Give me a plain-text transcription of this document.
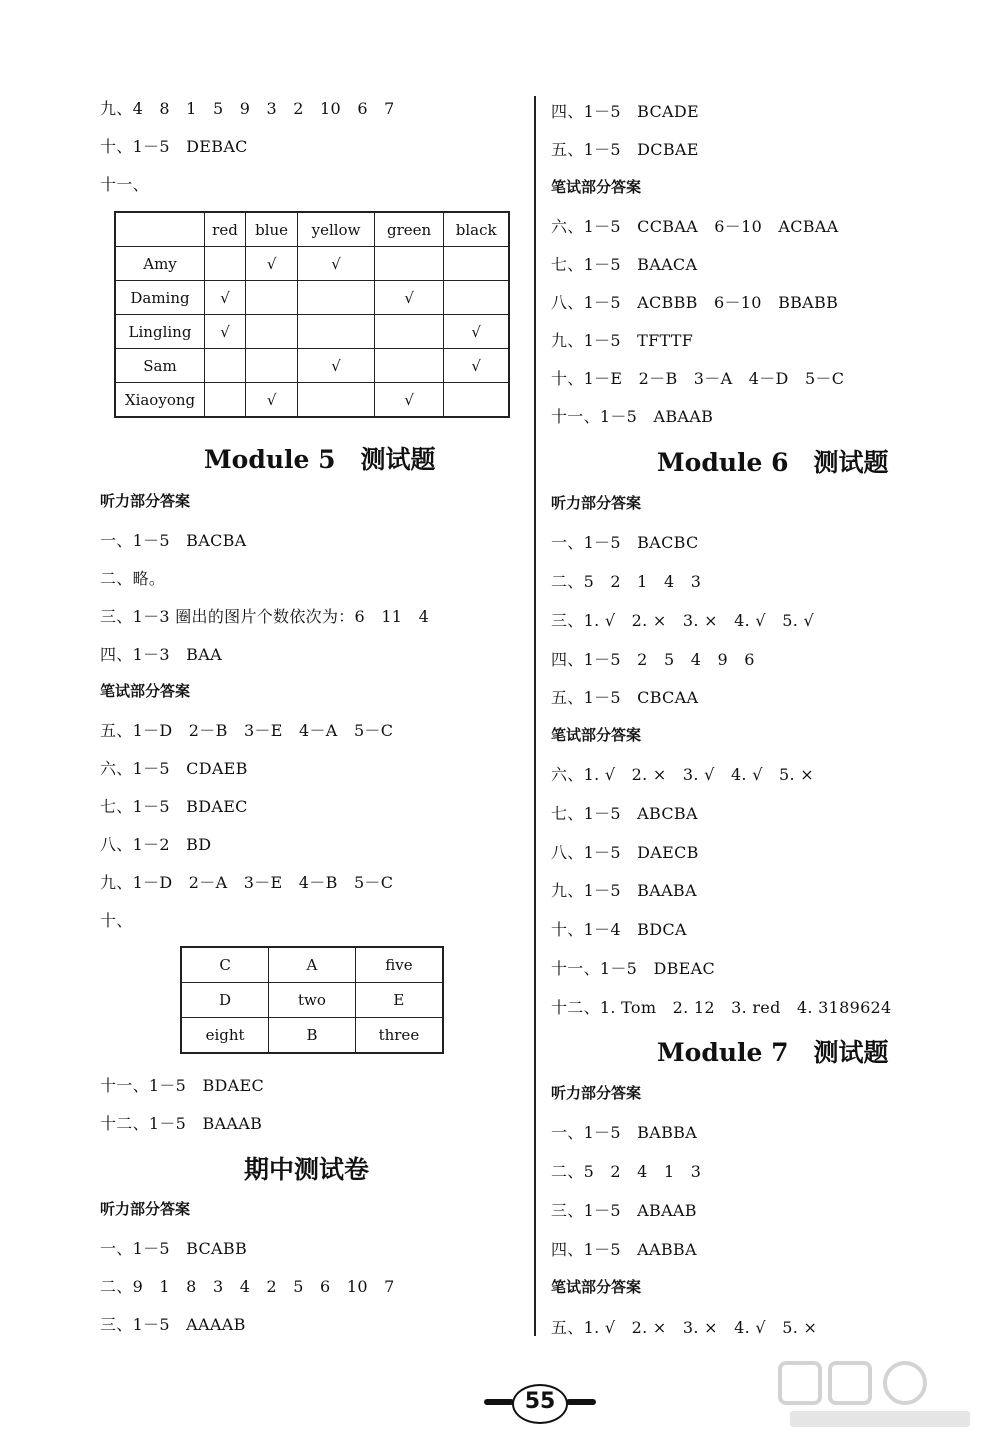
九、4　8　1　5　9　3　2　10　6　7
十、1－5　DEBAC
十一、
	red	blue	yellow	green	black
Amy		√	√		
Daming	√			√	
Lingling	√				√
Sam			√		√
Xiaoyong		√		√	
Module 5　测试题
听力部分答案
一、1－5　BACBA
二、略。
三、1－3 圈出的图片个数依次为：6　11　4
四、1－3　BAA
笔试部分答案
五、1－D　2－B　3－E　4－A　5－C
六、1－5　CDAEB
七、1－5　BDAEC
八、1－2　BD
九、1－D　2－A　3－E　4－B　5－C
十、
C	A	five
D	two	E
eight	B	three
十一、1－5　BDAEC
十二、1－5　BAAAB
期中测试卷
听力部分答案
一、1－5　BCABB
二、9　1　8　3　4　2　5　6　10　7
三、1－5　AAAAB
四、1－5　BCADE
五、1－5　DCBAE
笔试部分答案
六、1－5　CCBAA　6－10　ACBAA
七、1－5　BAACA
八、1－5　ACBBB　6－10　BBABB
九、1－5　TFTTF
十、1－E　2－B　3－A　4－D　5－C
十一、1－5　ABAAB
Module 6　测试题
听力部分答案
一、1－5　BACBC
二、5　2　1　4　3
三、1. √　2. ×　3. ×　4. √　5. √
四、1－5　2　5　4　9　6
五、1－5　CBCAA
笔试部分答案
六、1. √　2. ×　3. √　4. √　5. ×
七、1－5　ABCBA
八、1－5　DAECB
九、1－5　BAABA
十、1－4　BDCA
十一、1－5　DBEAC
十二、1. Tom　2. 12　3. red　4. 3189624
Module 7　测试题
听力部分答案
一、1－5　BABBA
二、5　2　4　1　3
三、1－5　ABAAB
四、1－5　AABBA
笔试部分答案
五、1. √　2. ×　3. ×　4. √　5. ×
55
